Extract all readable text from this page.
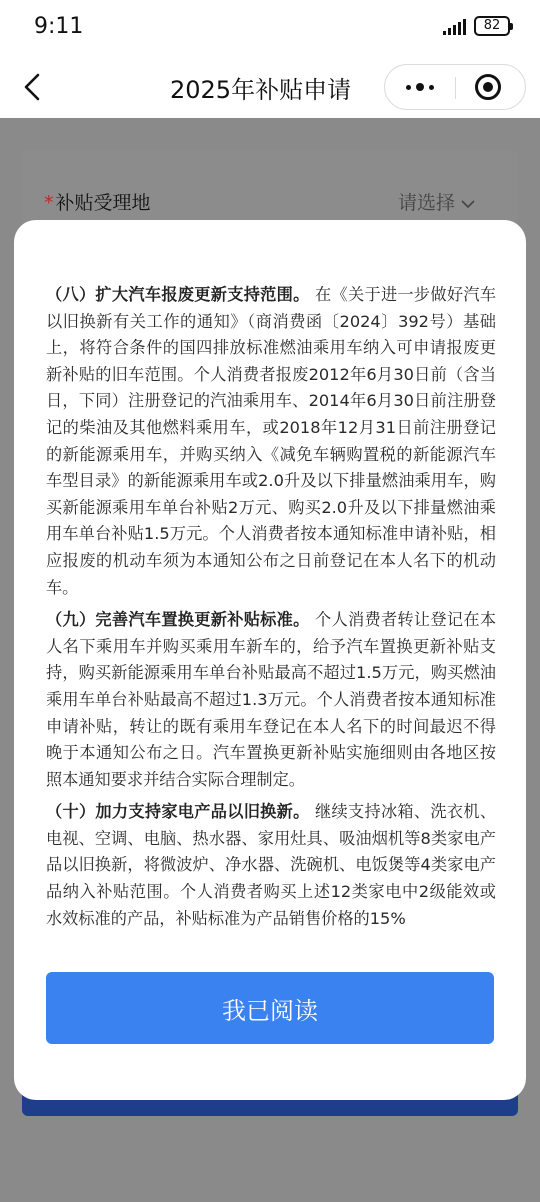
9:11	82
2025年补贴申请
* 补贴受理地	请选择

（八）扩大汽车报废更新支持范围。 在《关于进一步做好汽车以旧换新有关工作的通知》（商消费函〔2024〕392号）基础上，将符合条件的国四排放标准燃油乘用车纳入可申请报废更新补贴的旧车范围。个人消费者报废2012年6月30日前（含当日，下同）注册登记的汽油乘用车、2014年6月30日前注册登记的柴油及其他燃料乘用车，或2018年12月31日前注册登记的新能源乘用车，并购买纳入《减免车辆购置税的新能源汽车车型目录》的新能源乘用车或2.0升及以下排量燃油乘用车，购买新能源乘用车单台补贴2万元、购买2.0升及以下排量燃油乘用车单台补贴1.5万元。个人消费者按本通知标准申请补贴，相应报废的机动车须为本通知公布之日前登记在本人名下的机动车。

（九）完善汽车置换更新补贴标准。 个人消费者转让登记在本人名下乘用车并购买乘用车新车的，给予汽车置换更新补贴支持，购买新能源乘用车单台补贴最高不超过1.5万元，购买燃油乘用车单台补贴最高不超过1.3万元。个人消费者按本通知标准申请补贴，转让的既有乘用车登记在本人名下的时间最迟不得晚于本通知公布之日。汽车置换更新补贴实施细则由各地区按照本通知要求并结合实际合理制定。

（十）加力支持家电产品以旧换新。 继续支持冰箱、洗衣机、电视、空调、电脑、热水器、家用灶具、吸油烟机等8类家电产品以旧换新，将微波炉、净水器、洗碗机、电饭煲等4类家电产品纳入补贴范围。个人消费者购买上述12类家电中2级能效或水效标准的产品，补贴标准为产品销售价格的15%

我已阅读
